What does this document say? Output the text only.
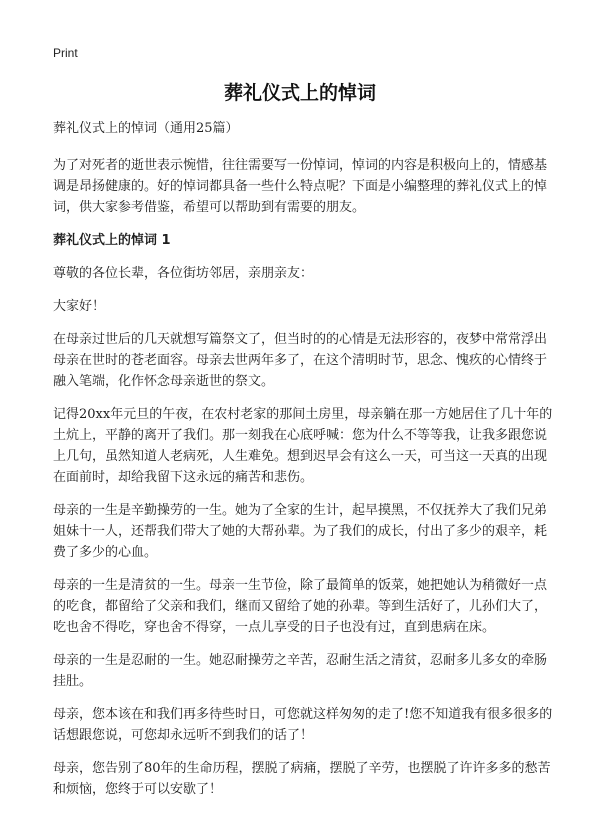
Print
葬礼仪式上的悼词

葬礼仪式上的悼词（通用25篇）

为了对死者的逝世表示惋惜，往往需要写一份悼词，悼词的内容是积极向上的，情感基调是昂扬健康的。好的悼词都具备一些什么特点呢？下面是小编整理的葬礼仪式上的悼词，供大家参考借鉴，希望可以帮助到有需要的朋友。

葬礼仪式上的悼词 1

尊敬的各位长辈，各位街坊邻居，亲朋亲友：

大家好！

在母亲过世后的几天就想写篇祭文了，但当时的的心情是无法形容的，夜梦中常常浮出母亲在世时的苍老面容。母亲去世两年多了，在这个清明时节，思念、愧疚的心情终于融入笔端，化作怀念母亲逝世的祭文。

记得20xx年元旦的午夜，在农村老家的那间土房里，母亲躺在那一方她居住了几十年的土炕上，平静的离开了我们。那一刻我在心底呼喊：您为什么不等等我，让我多跟您说上几句，虽然知道人老病死，人生难免。想到迟早会有这么一天，可当这一天真的出现在面前时，却给我留下这永远的痛苦和悲伤。

母亲的一生是辛勤操劳的一生。她为了全家的生计，起早摸黑，不仅抚养大了我们兄弟姐妹十一人，还帮我们带大了她的大帮孙辈。为了我们的成长，付出了多少的艰辛，耗费了多少的心血。

母亲的一生是清贫的一生。母亲一生节俭，除了最简单的饭菜，她把她认为稍微好一点的吃食，都留给了父亲和我们，继而又留给了她的孙辈。等到生活好了，儿孙们大了，吃也舍不得吃，穿也舍不得穿，一点儿享受的日子也没有过，直到患病在床。

母亲的一生是忍耐的一生。她忍耐操劳之辛苦，忍耐生活之清贫，忍耐多儿多女的牵肠挂肚。

母亲，您本该在和我们再多待些时日，可您就这样匆匆的走了!您不知道我有很多很多的话想跟您说，可您却永远听不到我们的话了！

母亲，您告别了80年的生命历程，摆脱了病痛，摆脱了辛劳，也摆脱了许许多多的愁苦和烦恼，您终于可以安歇了！
